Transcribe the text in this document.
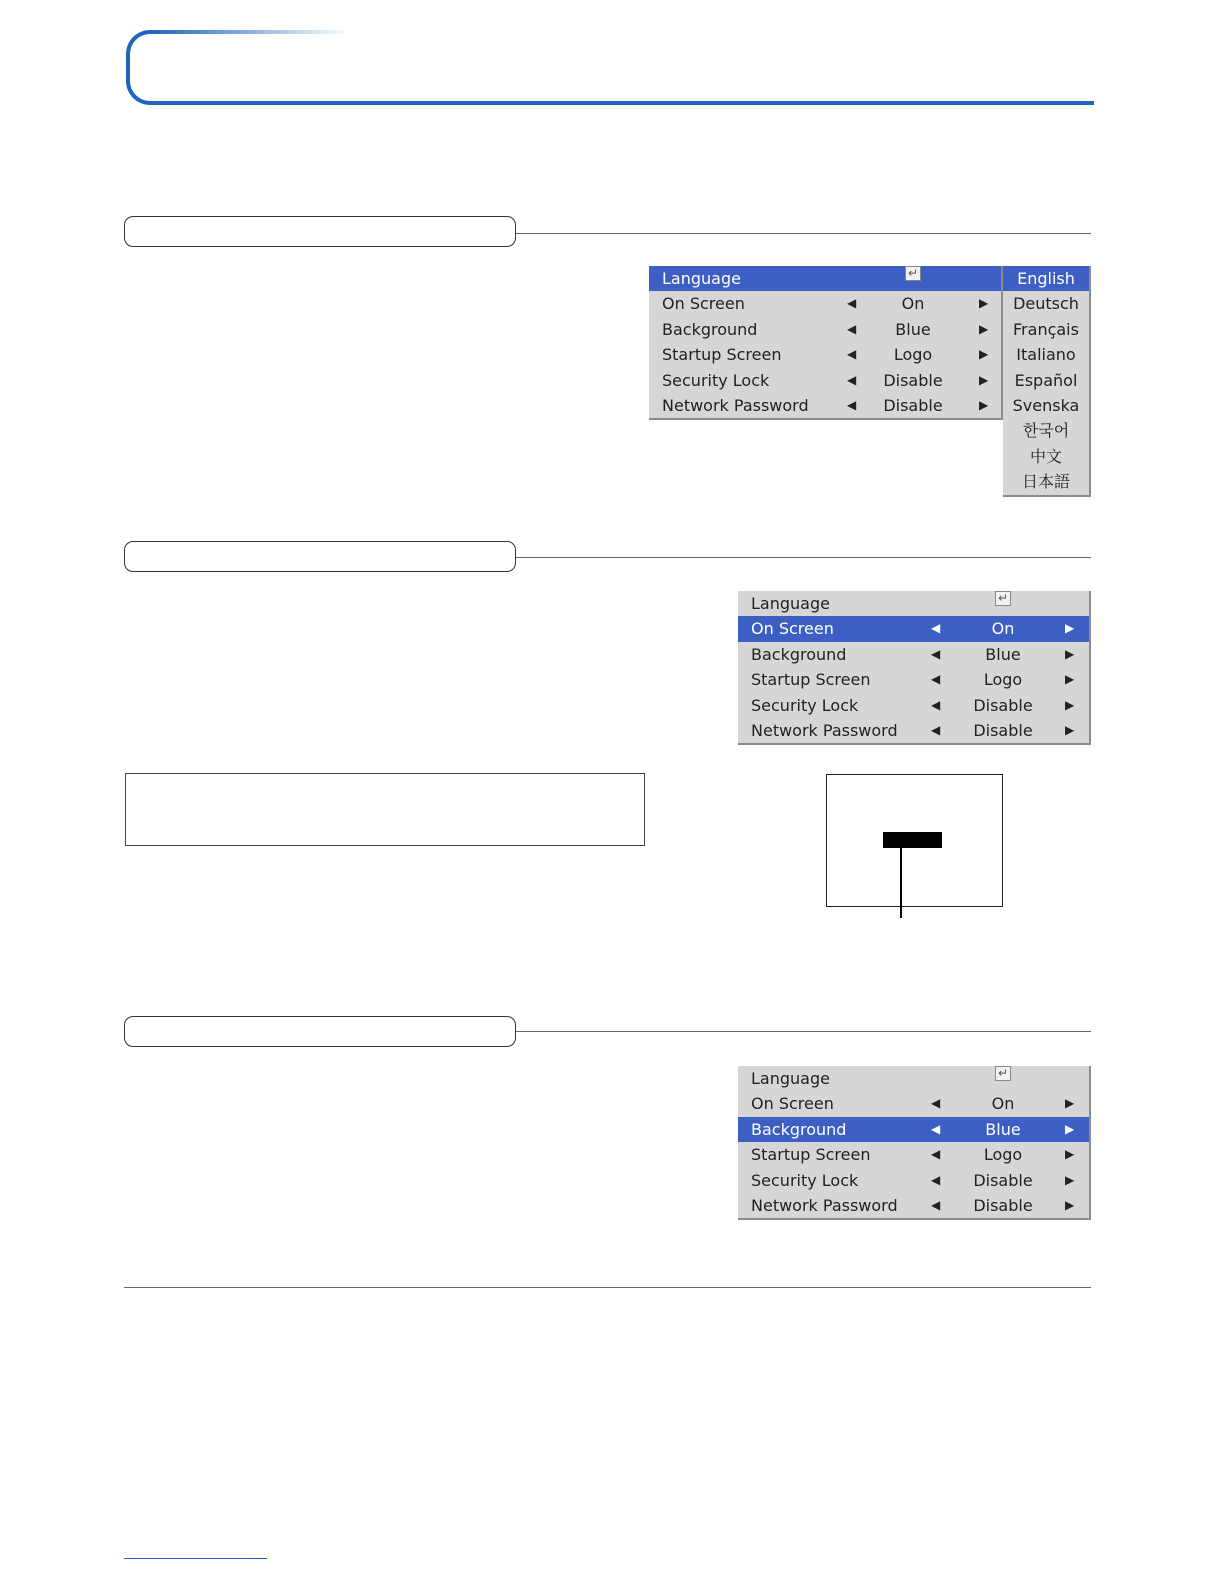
Language
↵
On Screen	◀	On	▶
Background	◀ Blue	▶
Startup Screen	◀ Logo	▶
Security Lock	◀ Disable	▶
Network Password	◀ Disable	▶
English
Deutsch
Français
Italiano
Español
Svenska
한국어
中文
日本語
Language
↵
On Screen	◀	On	▶
Background	◀	Blue	▶
Startup Screen	◀	Logo	▶
Security Lock	◀ Disable	▶
Network Password	◀ Disable	▶
Language
↵
On Screen	◀	On	▶
Background	◀	Blue	▶
Startup Screen	◀	Logo	▶
Security Lock	◀ Disable	▶
Network Password	◀ Disable	▶
